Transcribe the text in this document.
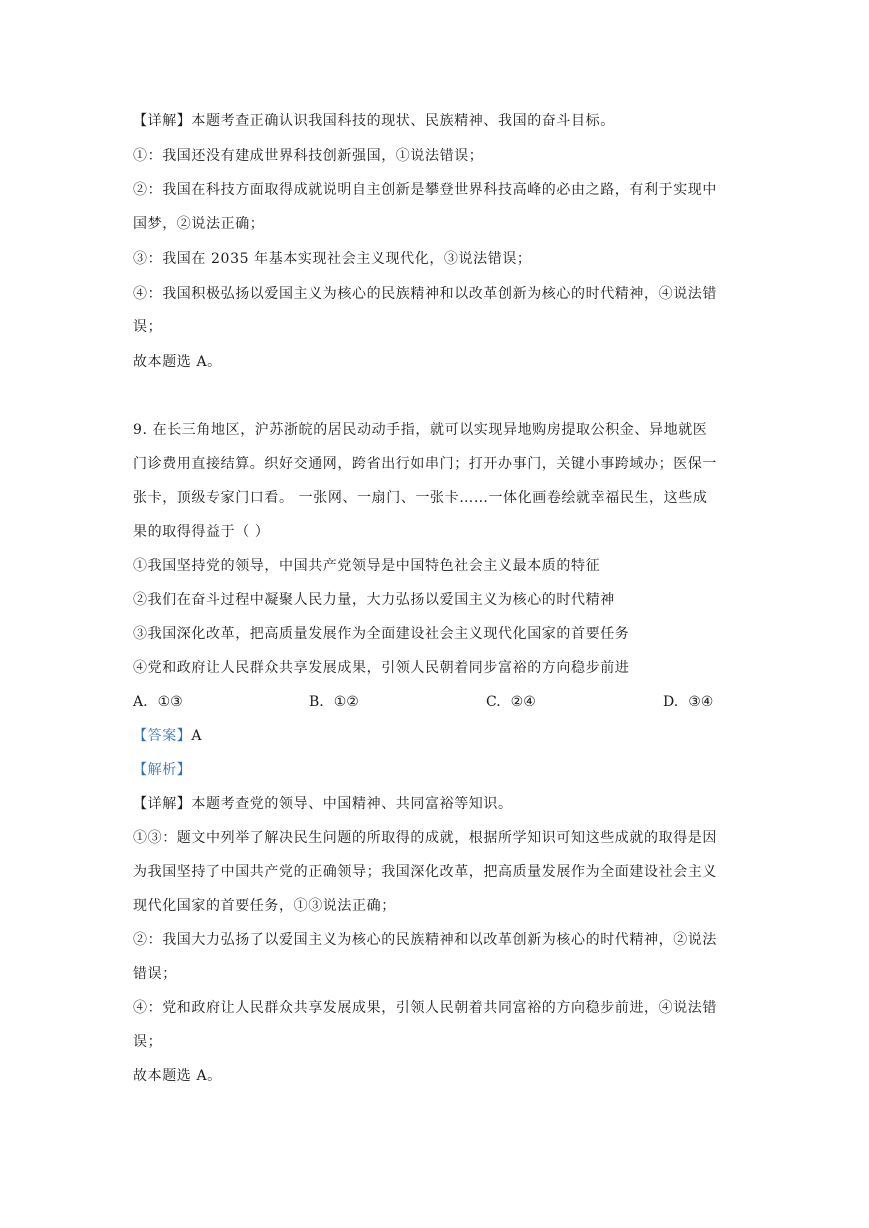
【详解】本题考查正确认识我国科技的现状、民族精神、我国的奋斗目标。
①：我国还没有建成世界科技创新强国，①说法错误；
②：我国在科技方面取得成就说明自主创新是攀登世界科技高峰的必由之路，有利于实现中
国梦，②说法正确；
③：我国在 2035 年基本实现社会主义现代化，③说法错误；
④：我国积极弘扬以爱国主义为核心的民族精神和以改革创新为核心的时代精神，④说法错
误；
故本题选 A。
9. 在长三角地区，沪苏浙皖的居民动动手指，就可以实现异地购房提取公积金、异地就医
门诊费用直接结算。织好交通网，跨省出行如串门；打开办事门，关键小事跨域办；医保一
张卡，顶级专家门口看。 一张网、一扇门、一张卡……一体化画卷绘就幸福民生，这些成
果的取得得益于（ ）
①我国坚持党的领导，中国共产党领导是中国特色社会主义最本质的特征
②我们在奋斗过程中凝聚人民力量，大力弘扬以爱国主义为核心的时代精神
③我国深化改革，把高质量发展作为全面建设社会主义现代化国家的首要任务
④党和政府让人民群众共享发展成果，引领人民朝着同步富裕的方向稳步前进
A. ①③	B. ①②	C. ②④	D. ③④
【答案】A
【解析】
【详解】本题考查党的领导、中国精神、共同富裕等知识。
①③：题文中列举了解决民生问题的所取得的成就，根据所学知识可知这些成就的取得是因
为我国坚持了中国共产党的正确领导；我国深化改革，把高质量发展作为全面建设社会主义
现代化国家的首要任务，①③说法正确；
②：我国大力弘扬了以爱国主义为核心的民族精神和以改革创新为核心的时代精神，②说法
错误；
④：党和政府让人民群众共享发展成果，引领人民朝着共同富裕的方向稳步前进，④说法错
误；
故本题选 A。
